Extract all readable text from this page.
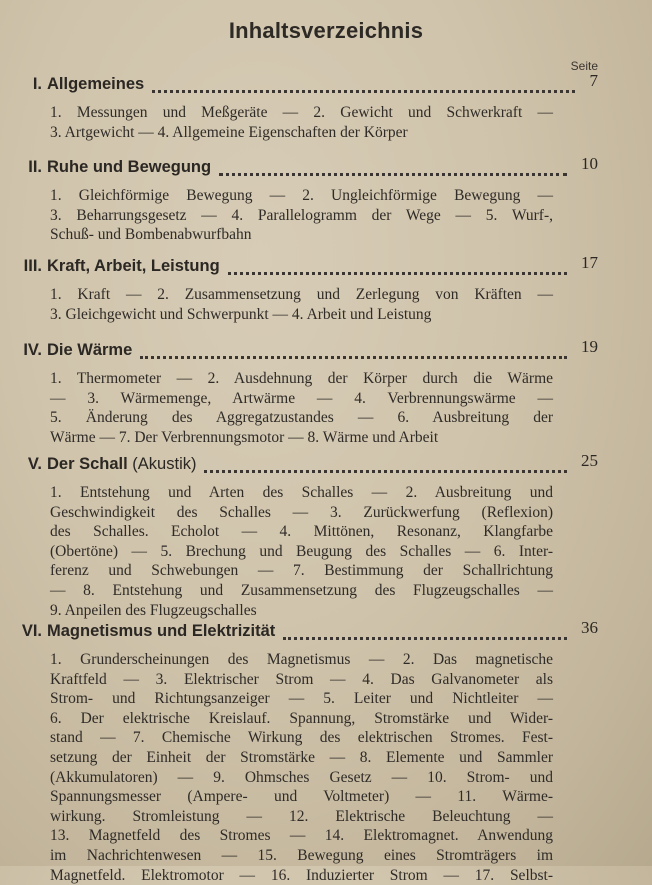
Inhaltsverzeichnis
Seite
I. Allgemeines	7
1. Messungen und Meßgeräte — 2. Gewicht und Schwerkraft —
3. Artgewicht — 4. Allgemeine Eigenschaften der Körper
II. Ruhe und Bewegung	10
1. Gleichförmige Bewegung — 2. Ungleichförmige Bewegung —
3. Beharrungsgesetz — 4. Parallelogramm der Wege — 5. Wurf-,
Schuß- und Bombenabwurfbahn
III. Kraft, Arbeit, Leistung	17
1. Kraft — 2. Zusammensetzung und Zerlegung von Kräften —
3. Gleichgewicht und Schwerpunkt — 4. Arbeit und Leistung
IV. Die Wärme	19
1. Thermometer — 2. Ausdehnung der Körper durch die Wärme
— 3. Wärmemenge, Artwärme — 4. Verbrennungswärme —
5. Änderung des Aggregatzustandes — 6. Ausbreitung der
Wärme — 7. Der Verbrennungsmotor — 8. Wärme und Arbeit
V. Der Schall (Akustik)	25
1. Entstehung und Arten des Schalles — 2. Ausbreitung und
Geschwindigkeit des Schalles — 3. Zurückwerfung (Reflexion)
des Schalles. Echolot — 4. Mittönen, Resonanz, Klangfarbe
(Obertöne) — 5. Brechung und Beugung des Schalles — 6. Inter-
ferenz und Schwebungen — 7. Bestimmung der Schallrichtung
— 8. Entstehung und Zusammensetzung des Flugzeugschalles —
9. Anpeilen des Flugzeugschalles
VI. Magnetismus und Elektrizität	36
1. Grunderscheinungen des Magnetismus — 2. Das magnetische
Kraftfeld — 3. Elektrischer Strom — 4. Das Galvanometer als
Strom- und Richtungsanzeiger — 5. Leiter und Nichtleiter —
6. Der elektrische Kreislauf. Spannung, Stromstärke und Wider-
stand — 7. Chemische Wirkung des elektrischen Stromes. Fest-
setzung der Einheit der Stromstärke — 8. Elemente und Sammler
(Akkumulatoren) — 9. Ohmsches Gesetz — 10. Strom- und
Spannungsmesser (Ampere- und Voltmeter) — 11. Wärme-
wirkung. Stromleistung — 12. Elektrische Beleuchtung —
13. Magnetfeld des Stromes — 14. Elektromagnet. Anwendung
im Nachrichtenwesen — 15. Bewegung eines Stromträgers im
Magnetfeld. Elektromotor — 16. Induzierter Strom — 17. Selbst-
